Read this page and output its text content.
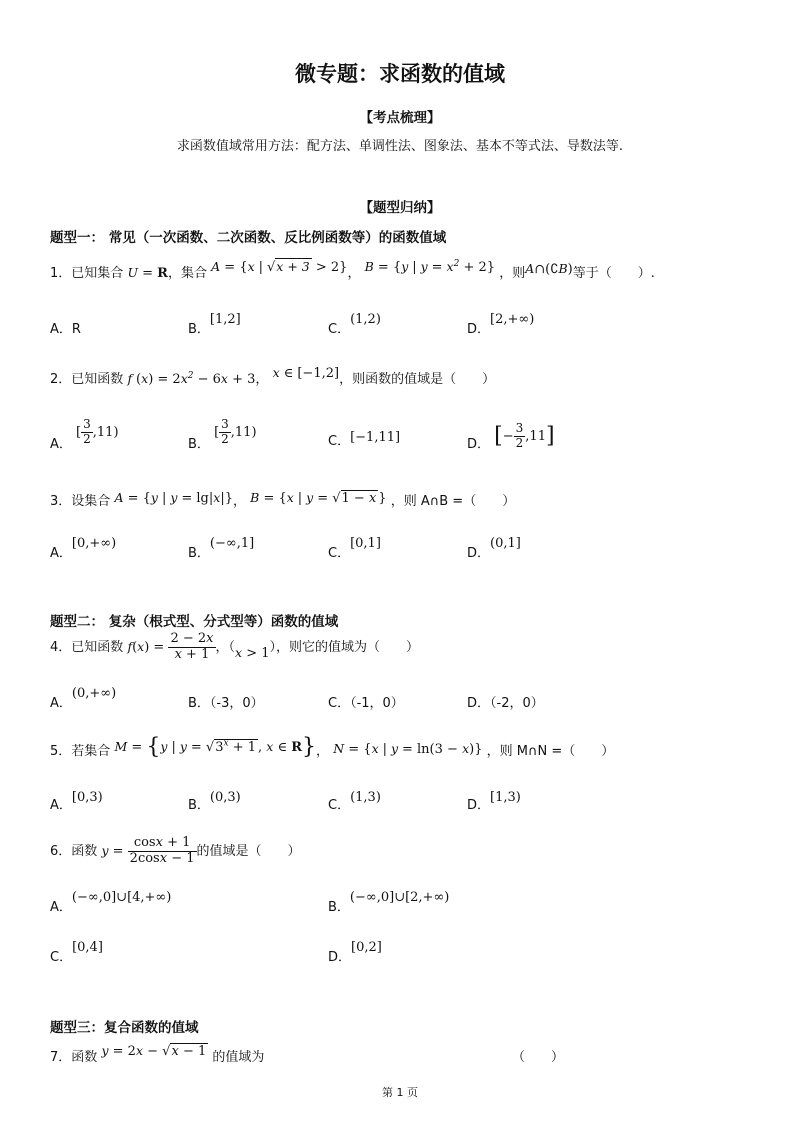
微专题：求函数的值域
【考点梳理】
求函数值域常用方法：配方法、单调性法、图象法、基本不等式法、导数法等.
【题型归纳】
题型一： 常见（一次函数、二次函数、反比例函数等）的函数值域
1．已知集合 U = R，集合 A = {x | √x + 3 > 2}， B = {y | $y = x^2 + 2$} ，则A∩(∁B)等于（　　）.
A．R	B．[1,2]
C．(1,2)
D．[2,+∞)
2．已知函数 f $(x) = 2x^2 - 6x + 3$， x ∈ [−1,2]，则函数的值域是（　　）
A． [ $\frac{3}{2} ,11$)
B． [ $\frac{3}{2} ,11$)
C．[−1,11]	D． [− $\frac{3}{2} ,11$]
3．设集合 A = {y | y = lg|x|}， B = {x | y = √1 − x } ，则 A∩B =（　　）
A．[0,+∞)
B．(−∞,1]
C．[0,1]
D．(0,1]
题型二： 复杂（根式型、分式型等）函数的值域
4．已知函数 $f(x) = \frac{2 - 2x}{x + 1}$ ，（x > 1），则它的值域为（　　）
A．(0,+∞)
B．（-3，0）	C．（-1，0）	D．（-2，0）
5．若集合 M = {y | $y = √3^x + 1$ , x ∈ R}， N = {x | y = ln(3 − x)} ，则 M∩N =（　　）
A．[0,3)
B．(0,3)
C．(1,3)
D．[1,3)
6．函数 $y = \frac{\cos x + 1}{2\cos x - 1}$ 的值域是（　　）
A．(−∞,0]∪[4,+∞)
B．(−∞,0]∪[2,+∞)
C．[0,4]
D．[0,2]
题型三：复合函数的值域
7．函数 y = 2x − √x − 1 的值域为	（　　）
第 1 页
